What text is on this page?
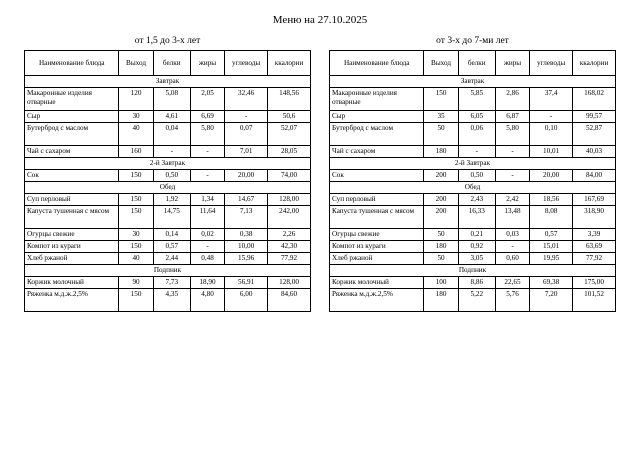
Меню на 27.10.2025
от 1,5 до 3-х лет
Наименование блюда	Выход	белки	жиры	углеводы	ккалории
Завтрак					
Макаронные изделия отварные	120	5,08	2,05	32,46	148,56
Сыр	30	4,61	6,69	-	50,6
Бутерброд с маслом	40	0,04	5,80	0,07	52,07
Чай с сахаром	160	-	-	7,01	28,05
2-й Завтрак					
Сок	150	0,50	-	20,00	74,00
Обед					
Суп перловый	150	1,92	1,34	14,67	128,00
Капуста тушенная с мясом	150	14,75	11,64	7,13	242,00
Огурцы свежие	30	0,14	0,02	0,38	2,26
Компот из кураги	150	0,57	-	10,00	42,30
Хлеб ржаной	40	2,44	0,48	15,96	77,92
Подпник					
Коржик молочный	90	7,73	18,90	56,91	128,00
Ряженка м.д.ж.2,5%	150	4,35	4,80	6,00	84,60
от 3-х до 7-ми лет
Наименование блюда	Выход	белки	жиры	углеводы	ккалории
Завтрак					
Макаронные изделия отварные	150	5,85	2,86	37,4	168,02
Сыр	35	6,05	6,87	-	99,57
Бутерброд с маслом	50	0,06	5,80	0,10	52,87
Чай с сахаром	180	-	-	10,01	40,03
2-й Завтрак					
Сок	200	0,50	-	20,00	84,00
Обед					
Суп перловый	200	2,43	2,42	18,56	167,69
Капуста тушенная с мясом	200	16,33	13,48	8,08	318,90
Огурцы свежие	50	0,21	0,03	0,57	3,39
Компот из кураги	180	0,92	-	15,01	63,69
Хлеб ржаной	50	3,05	0,60	19,95	77,92
Подпник					
Коржик молочный	100	8,86	22,65	69,38	175,00
Ряженка м.д.ж.2,5%	180	5,22	5,76	7,20	101,52
